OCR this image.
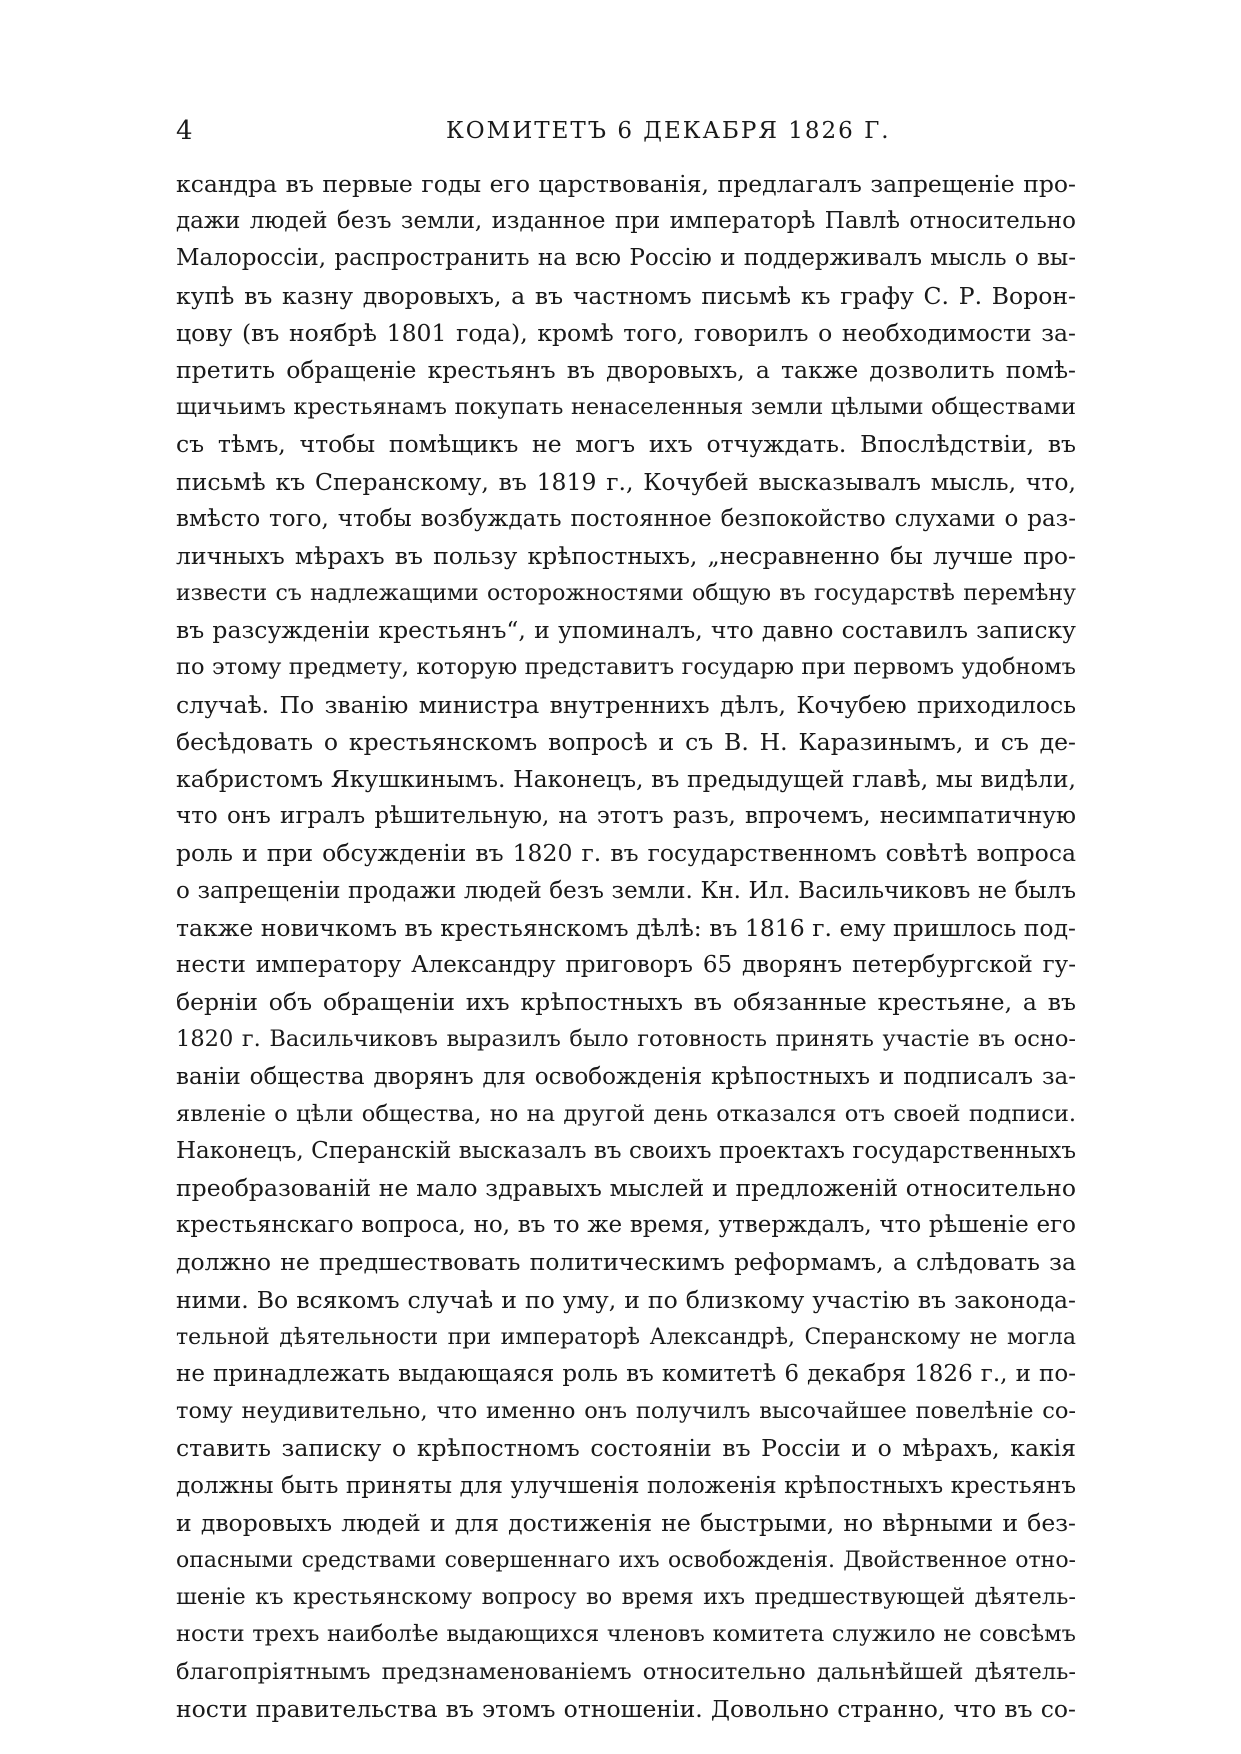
4	КОМИТЕТЪ 6 ДЕКАБРЯ 1826 Г.
ксандра въ первые годы его царствованія, предлагалъ запрещеніе про-
дажи людей безъ земли, изданное при императорѣ Павлѣ относительно
Малороссіи, распространить на всю Россію и поддерживалъ мысль о вы-
купѣ въ казну дворовыхъ, а въ частномъ письмѣ къ графу С. Р. Ворон-
цову (въ ноябрѣ 1801 года), кромѣ того, говорилъ о необходимости за-
претить обращеніе крестьянъ въ дворовыхъ, а также дозволить помѣ-
щичьимъ крестьянамъ покупать ненаселенныя земли цѣлыми обществами
съ тѣмъ, чтобы помѣщикъ не могъ ихъ отчуждать. Впослѣдствіи, въ
письмѣ къ Сперанскому, въ 1819 г., Кочубей высказывалъ мысль, что,
вмѣсто того, чтобы возбуждать постоянное безпокойство слухами о раз-
личныхъ мѣрахъ въ пользу крѣпостныхъ, „несравненно бы лучше про-
извести съ надлежащими осторожностями общую въ государствѣ перемѣну
въ разсужденіи крестьянъ“, и упоминалъ, что давно составилъ записку
по этому предмету, которую представитъ государю при первомъ удобномъ
случаѣ. По званію министра внутреннихъ дѣлъ, Кочубею приходилось
бесѣдовать о крестьянскомъ вопросѣ и съ В. Н. Каразинымъ, и съ де-
кабристомъ Якушкинымъ. Наконецъ, въ предыдущей главѣ, мы видѣли,
что онъ игралъ рѣшительную, на этотъ разъ, впрочемъ, несимпатичную
роль и при обсужденіи въ 1820 г. въ государственномъ совѣтѣ вопроса
о запрещеніи продажи людей безъ земли. Кн. Ил. Васильчиковъ не былъ
также новичкомъ въ крестьянскомъ дѣлѣ: въ 1816 г. ему пришлось под-
нести императору Александру приговоръ 65 дворянъ петербургской гу-
берніи объ обращеніи ихъ крѣпостныхъ въ обязанные крестьяне, а въ
1820 г. Васильчиковъ выразилъ было готовность принять участіе въ осно-
ваніи общества дворянъ для освобожденія крѣпостныхъ и подписалъ за-
явленіе о цѣли общества, но на другой день отказался отъ своей подписи.
Наконецъ, Сперанскій высказалъ въ своихъ проектахъ государственныхъ
преобразованій не мало здравыхъ мыслей и предложеній относительно
крестьянскаго вопроса, но, въ то же время, утверждалъ, что рѣшеніе его
должно не предшествовать политическимъ реформамъ, а слѣдовать за
ними. Во всякомъ случаѣ и по уму, и по близкому участію въ законода-
тельной дѣятельности при императорѣ Александрѣ, Сперанскому не могла
не принадлежать выдающаяся роль въ комитетѣ 6 декабря 1826 г., и по-
тому неудивительно, что именно онъ получилъ высочайшее повелѣніе со-
ставить записку о крѣпостномъ состояніи въ Россіи и о мѣрахъ, какія
должны быть приняты для улучшенія положенія крѣпостныхъ крестьянъ
и дворовыхъ людей и для достиженія не быстрыми, но вѣрными и без-
опасными средствами совершеннаго ихъ освобожденія. Двойственное отно-
шеніе къ крестьянскому вопросу во время ихъ предшествующей дѣятель-
ности трехъ наиболѣе выдающихся членовъ комитета служило не совсѣмъ
благопріятнымъ предзнаменованіемъ относительно дальнѣйшей дѣятель-
ности правительства въ этомъ отношеніи. Довольно странно, что въ со-
